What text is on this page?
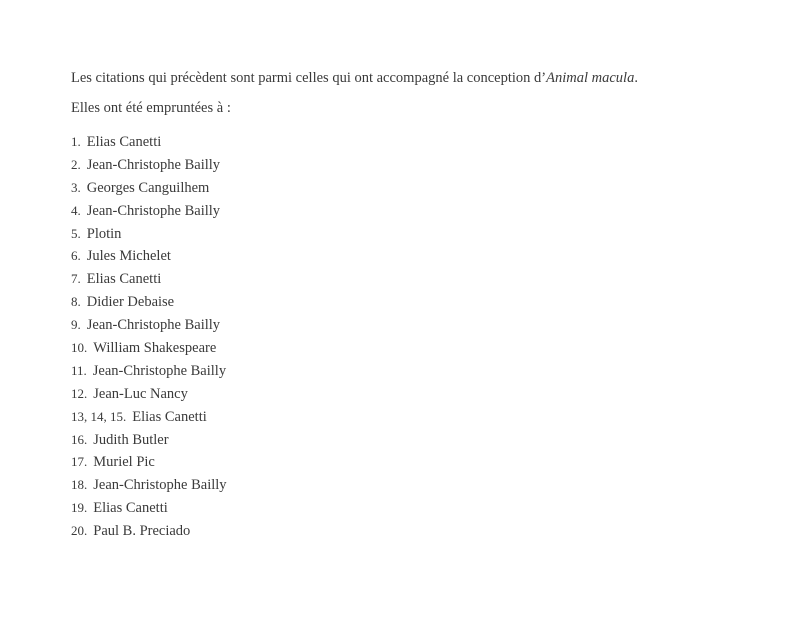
Les citations qui précèdent sont parmi celles qui ont accompagné la conception d’Animal macula.

Elles ont été empruntées à :

1. Elias Canetti
2. Jean-Christophe Bailly
3. Georges Canguilhem
4. Jean-Christophe Bailly
5. Plotin
6. Jules Michelet
7. Elias Canetti
8. Didier Debaise
9. Jean-Christophe Bailly
10. William Shakespeare
11. Jean-Christophe Bailly
12. Jean-Luc Nancy
13, 14, 15. Elias Canetti
16. Judith Butler
17. Muriel Pic
18. Jean-Christophe Bailly
19. Elias Canetti
20. Paul B. Preciado
